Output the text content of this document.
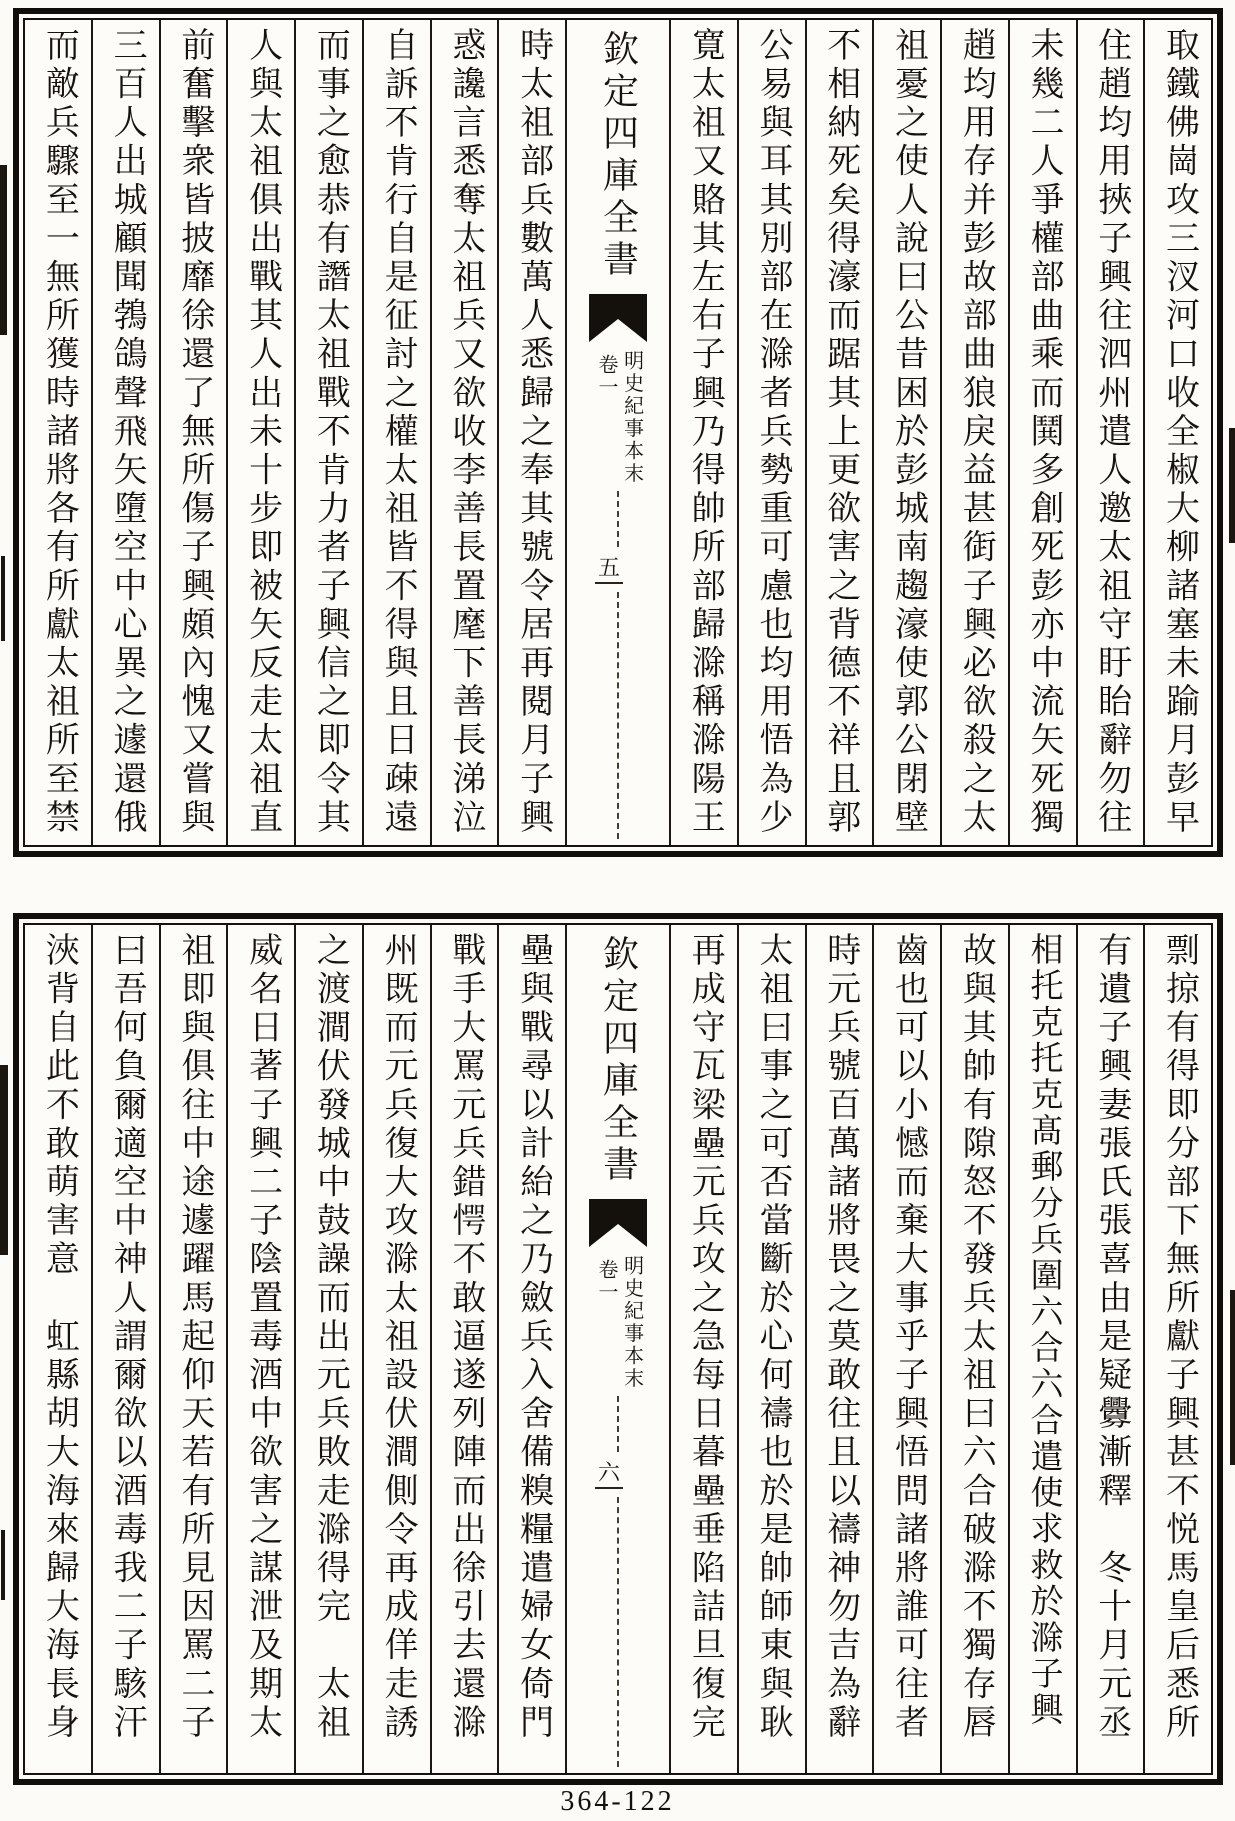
取鐵佛崗攻三汊河口收全椒大柳諸塞未踰月彭早
住趙均用挾子興往泗州遣人邀太祖守盱眙辭勿往
未幾二人爭權部曲乘而鬨多創死彭亦中流矢死獨
趙均用存并彭故部曲狼戾益甚衘子興必欲殺之太
祖憂之使人說曰公昔困於彭城南趨濠使郭公閉壁
不相納死矣得濠而踞其上更欲害之背德不祥且郭
公易與耳其別部在滁者兵勢重可慮也均用悟為少
寛太祖又賂其左右子興乃得帥所部歸滁稱滁陽王
欽定四庫全書
明史紀事本末
卷一
五
時太祖部兵數萬人悉歸之奉其號令居再閱月子興
惑讒言悉奪太祖兵又欲收李善長置麾下善長涕泣
自訴不肯行自是征討之權太祖皆不得與且日疎遠
而事之愈恭有譖太祖戰不肯力者子興信之即令其
人與太祖俱出戰其人出未十步即被矢反走太祖直
前奮擊衆皆披靡徐還了無所傷子興頗內愧又嘗與
三百人出城顧聞鵓鴿聲飛矢墮空中心異之遽還俄
而敵兵驟至一無所獲時諸將各有所獻太祖所至禁
剽掠有得即分部下無所獻子興甚不悦馬皇后悉所
有遺子興妻張氏張喜由是疑釁漸釋　冬十月元丞
相托克托克髙郵分兵圍六合六合遣使求救於滁子興
故與其帥有隙怒不發兵太祖曰六合破滁不獨存唇
齒也可以小憾而棄大事乎子興悟問諸將誰可往者
時元兵號百萬諸將畏之莫敢往且以禱神勿吉為辭
太祖曰事之可否當斷於心何禱也於是帥師東與耿
再成守瓦梁壘元兵攻之急每日暮壘垂陷詰旦復完
欽定四庫全書
明史紀事本末
卷一
六
壘與戰尋以計紿之乃斂兵入舍備糗糧遣婦女倚門
戰手大罵元兵錯愕不敢逼遂列陣而出徐引去還滁
州既而元兵復大攻滁太祖設伏澗側令再成佯走誘
之渡澗伏發城中鼓譟而出元兵敗走滁得完　太祖
威名日著子興二子陰置毒酒中欲害之謀泄及期太
祖即與俱往中途遽躍馬起仰天若有所見因罵二子
曰吾何負爾適空中神人謂爾欲以酒毒我二子駭汗
浹背自此不敢萌害意　虹縣胡大海來歸大海長身
364-122
